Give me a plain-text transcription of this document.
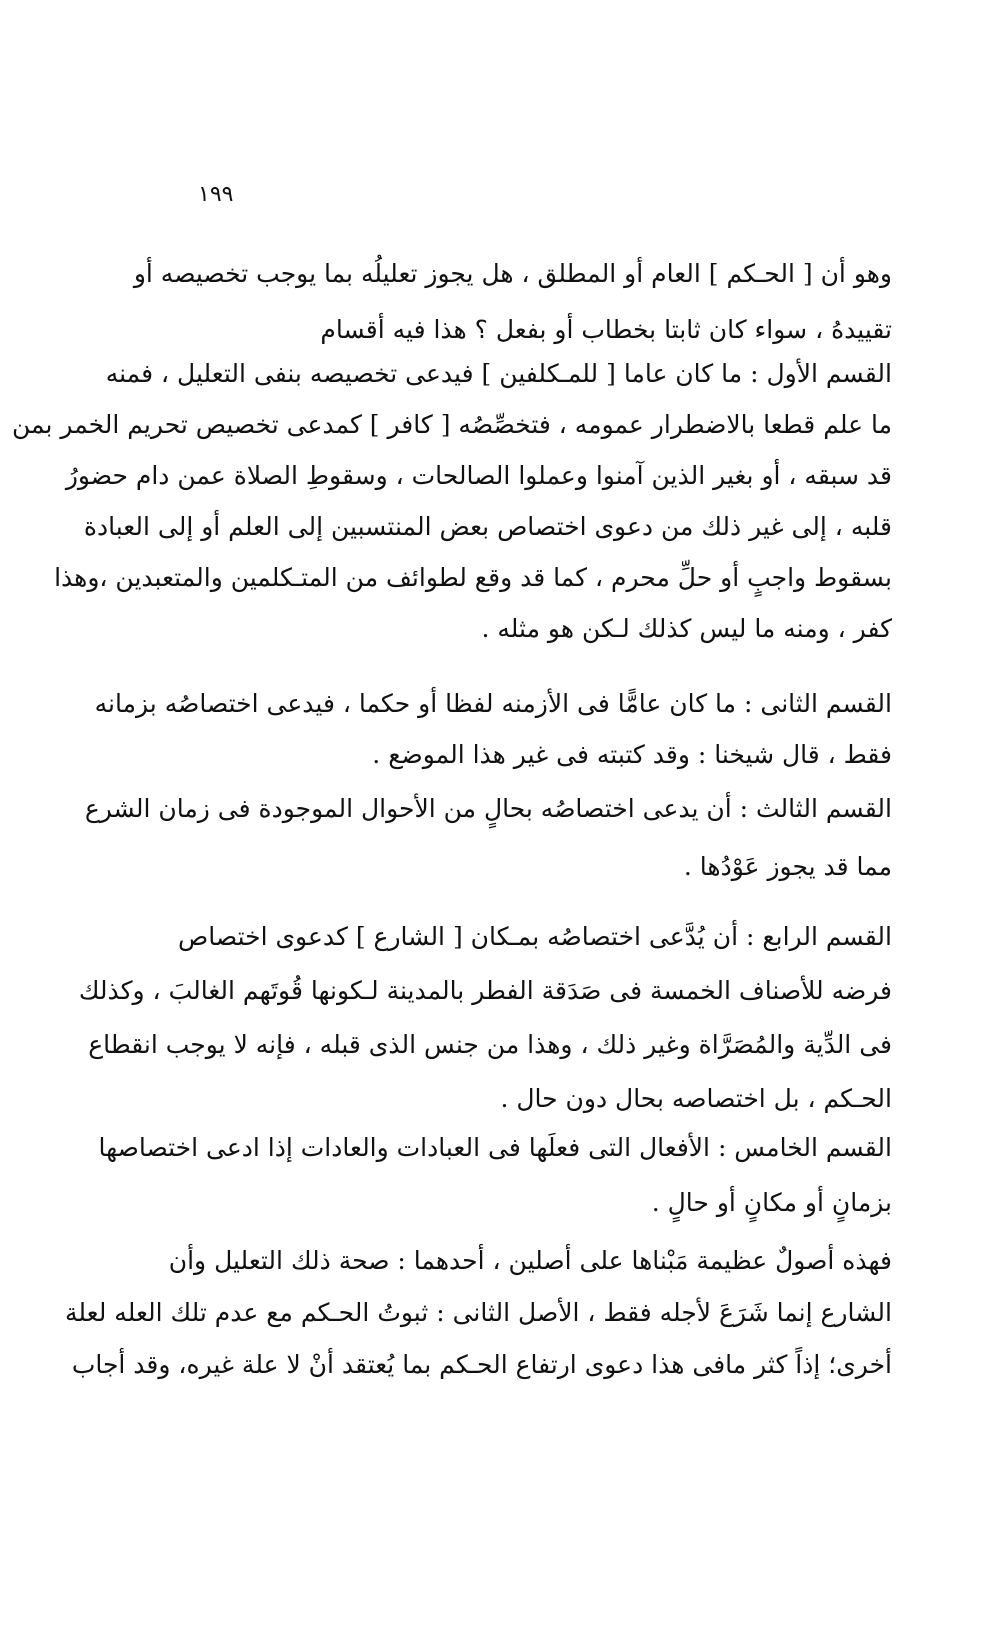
١٩٩
وهو أن [ الحـكم ] العام أو المطلق ، هل يجوز تعليلُه بما يوجب تخصيصه أو
تقييدهُ ، سواء كان ثابتا بخطاب أو بفعل ؟ هذا فيه أقسام
القسم الأول : ما كان عاما [ للمـكلفين ] فيدعى تخصيصه بنفى التعليل ، فمنه
ما علم قطعا بالاضطرار عمومه ، فتخصِّصُه [ كافر ] كمدعى تخصيص تحريم الخمر بمن
قد سبقه ، أو بغير الذين آمنوا وعملوا الصالحات ، وسقوطِ الصلاة عمن دام حضورُ
قلبه ، إلى غير ذلك من دعوى اختصاص بعض المنتسبين إلى العلم أو إلى العبادة
بسقوط واجبٍ أو حلِّ محرم ، كما قد وقع لطوائف من المتـكلمين والمتعبدين ،وهذا
كفر ، ومنه ما ليس كذلك لـكن هو مثله .
القسم الثانى : ما كان عامًّا فى الأزمنه لفظا أو حكما ، فيدعى اختصاصُه بزمانه
فقط ، قال شيخنا : وقد كتبته فى غير هذا الموضع .
القسم الثالث : أن يدعى اختصاصُه بحالٍ من الأحوال الموجودة فى زمان الشرع
مما قد يجوز عَوْدُها .
القسم الرابع : أن يُدَّعى اختصاصُه بمـكان [ الشارع ] كدعوى اختصاص
فرضه للأصناف الخمسة فى صَدَقة الفطر بالمدينة لـكونها قُوتَهم الغالبَ ، وكذلك
فى الدِّية والمُصَرَّاة وغير ذلك ، وهذا من جنس الذى قبله ، فإنه لا يوجب انقطاع
الحـكم ، بل اختصاصه بحال دون حال .
القسم الخامس : الأفعال التى فعلَها فى العبادات والعادات إذا ادعى اختصاصها
بزمانٍ أو مكانٍ أو حالٍ .
فهذه أصولٌ عظيمة مَبْناها على أصلين ، أحدهما : صحة ذلك التعليل وأن
الشارع إنما شَرَعَ لأجله فقط ، الأصل الثانى : ثبوتُ الحـكم مع عدم تلك العله لعلة
أخرى؛ إذاً كثر مافى هذا دعوى ارتفاع الحـكم بما يُعتقد أنْ لا علة غيره، وقد أجاب
